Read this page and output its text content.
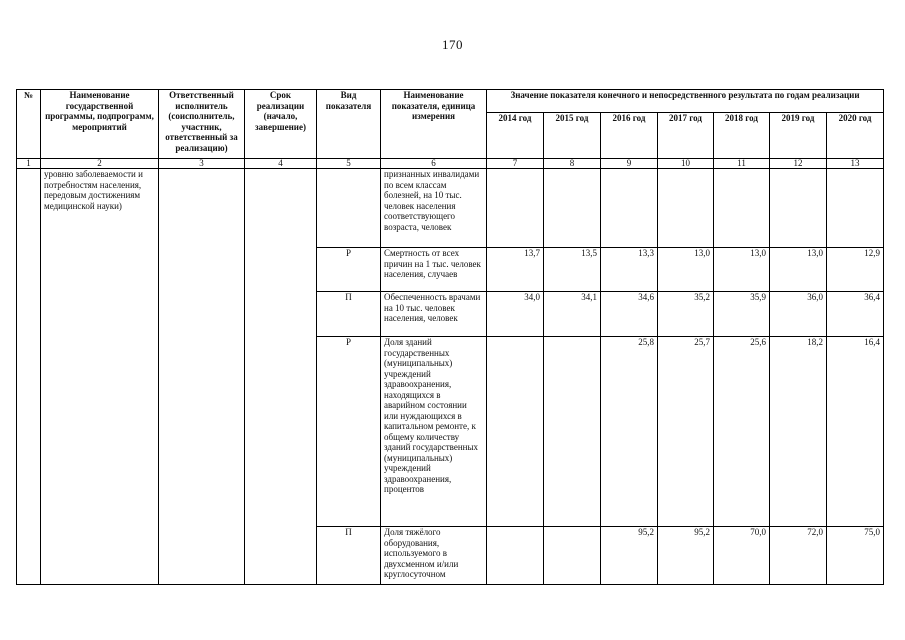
170
№	Наименование государственной программы, подпрограмм, мероприятий	Ответственный исполнитель (соисполнитель, участник, ответственный за реализацию)	Срок реализации (начало, завершение)	Вид показателя	Наименование показателя, единица измерения	Значение показателя конечного и непосредственного результата по годам реализации						
						2014 год	2015 год	2016 год	2017 год	2018 год	2019 год	2020 год
1	2	3	4	5	6	7	8	9	10	11	12	13
	уровню заболеваемости и потребностям населения, передовым достижениям медицинской науки)				признанных инвалидами по всем классам болезней, на 10 тыс. человек населения соответствующего возраста, человек							
				Р	Смертность от всех причин на 1 тыс. человек населения, случаев	13,7	13,5	13,3	13,0	13,0	13,0	12,9
				П	Обеспеченность врачами на 10 тыс. человек населения, человек	34,0	34,1	34,6	35,2	35,9	36,0	36,4
				Р	Доля зданий государственных (муниципальных) учреждений здравоохранения, находящихся в аварийном состоянии или нуждающихся в капитальном ремонте, к общему количеству зданий государственных (муниципальных) учреждений здравоохранения, процентов			25,8	25,7	25,6	18,2	16,4
				П	Доля тяжёлого оборудования, используемого в двухсменном и/или круглосуточном			95,2	95,2	70,0	72,0	75,0
